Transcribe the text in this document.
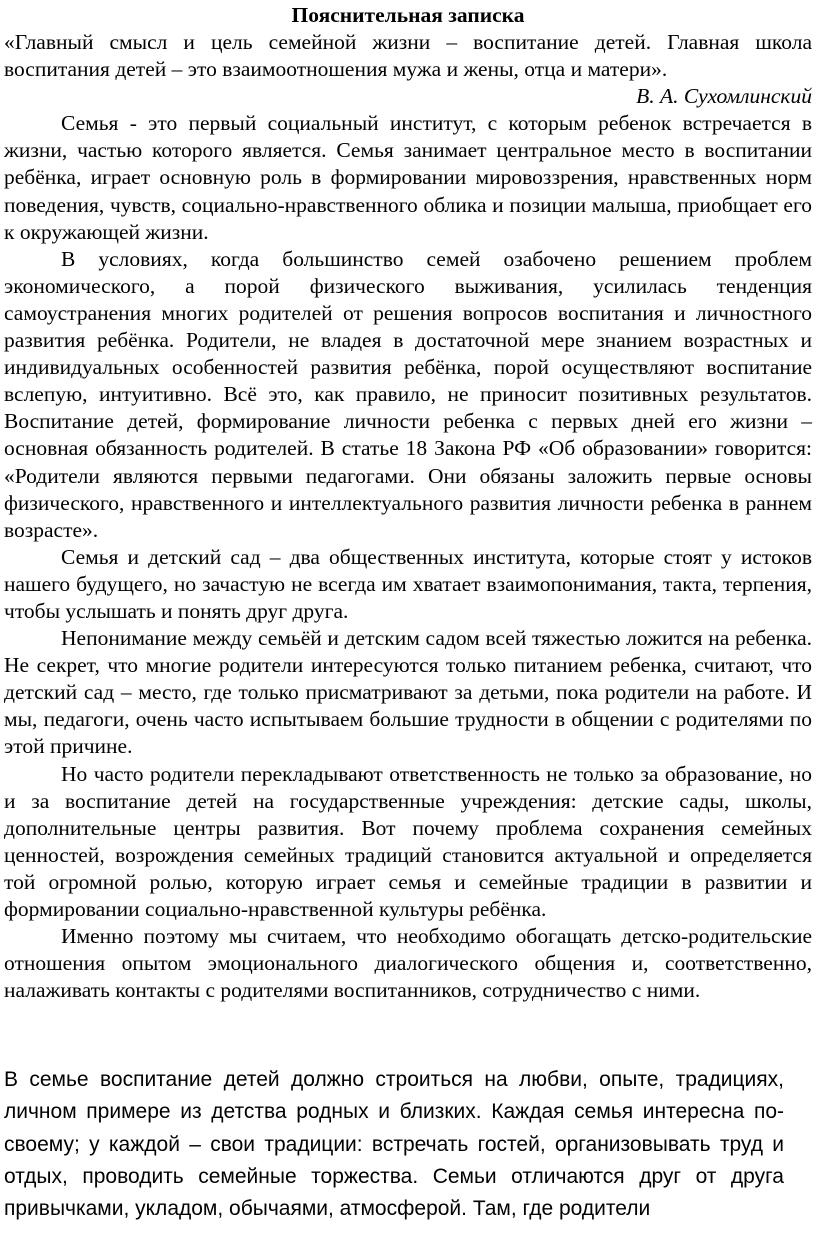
Пояснительная записка

«Главный смысл и цель семейной жизни – воспитание детей. Главная школа воспитания детей – это взаимоотношения мужа и жены, отца и матери».

В. А. Сухомлинский

Семья - это первый социальный институт, с которым ребенок встречается в жизни, частью которого является. Семья занимает центральное место в воспитании ребёнка, играет основную роль в формировании мировоззрения, нравственных норм поведения, чувств, социально-нравственного облика и позиции малыша, приобщает его к окружающей жизни.

В условиях, когда большинство семей озабочено решением проблем экономического, а порой физического выживания, усилилась тенденция самоустранения многих родителей от решения вопросов воспитания и личностного развития ребёнка. Родители, не владея в достаточной мере знанием возрастных и индивидуальных особенностей развития ребёнка, порой осуществляют воспитание вслепую, интуитивно. Всё это, как правило, не приносит позитивных результатов. Воспитание детей, формирование личности ребенка с первых дней его жизни – основная обязанность родителей. В статье 18 Закона РФ «Об образовании» говорится: «Родители являются первыми педагогами. Они обязаны заложить первые основы физического, нравственного и интеллектуального развития личности ребенка в раннем возрасте».

Семья и детский сад – два общественных института, которые стоят у истоков нашего будущего, но зачастую не всегда им хватает взаимопонимания, такта, терпения, чтобы услышать и понять друг друга.

Непонимание между семьёй и детским садом всей тяжестью ложится на ребенка. Не секрет, что многие родители интересуются только питанием ребенка, считают, что детский сад – место, где только присматривают за детьми, пока родители на работе. И мы, педагоги, очень часто испытываем большие трудности в общении с родителями по этой причине.

Но часто родители перекладывают ответственность не только за образование, но и за воспитание детей на государственные учреждения: детские сады, школы, дополнительные центры развития. Вот почему проблема сохранения семейных ценностей, возрождения семейных традиций становится актуальной и определяется той огромной ролью, которую играет семья и семейные традиции в развитии и формировании социально-нравственной культуры ребёнка.

Именно поэтому мы считаем, что необходимо обогащать детско-родительские отношения опытом эмоционального диалогического общения и, соответственно, налаживать контакты с родителями воспитанников, сотрудничество с ними.

В семье воспитание детей должно строиться на любви, опыте, традициях, личном примере из детства родных и близких. Каждая семья интересна по-своему; у каждой – свои традиции: встречать гостей, организовывать труд и отдых, проводить семейные торжества. Семьи отличаются друг от друга привычками, укладом, обычаями, атмосферой. Там, где родители
